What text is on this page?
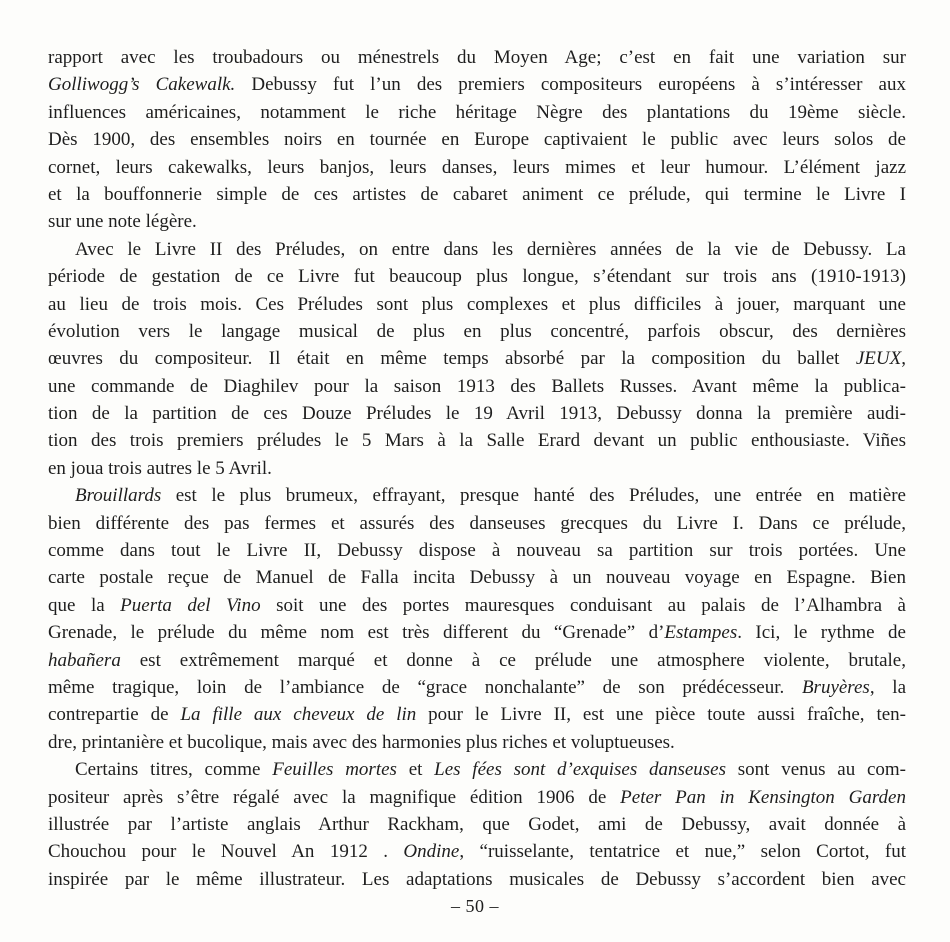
rapport avec les troubadours ou ménestrels du Moyen Age; c’est en fait une variation sur
Golliwogg’s Cakewalk. Debussy fut l’un des premiers compositeurs européens à s’intéresser aux
influences américaines, notamment le riche héritage Nègre des plantations du 19ème siècle.
Dès 1900, des ensembles noirs en tournée en Europe captivaient le public avec leurs solos de
cornet, leurs cakewalks, leurs banjos, leurs danses, leurs mimes et leur humour. L’élément jazz
et la bouffonnerie simple de ces artistes de cabaret animent ce prélude, qui termine le Livre I
sur une note légère.
Avec le Livre II des Préludes, on entre dans les dernières années de la vie de Debussy. La
période de gestation de ce Livre fut beaucoup plus longue, s’étendant sur trois ans (1910-1913)
au lieu de trois mois. Ces Préludes sont plus complexes et plus difficiles à jouer, marquant une
évolution vers le langage musical de plus en plus concentré, parfois obscur, des dernières
œuvres du compositeur. Il était en même temps absorbé par la composition du ballet JEUX,
une commande de Diaghilev pour la saison 1913 des Ballets Russes. Avant même la publica-
tion de la partition de ces Douze Préludes le 19 Avril 1913, Debussy donna la première audi-
tion des trois premiers préludes le 5 Mars à la Salle Erard devant un public enthousiaste. Viñes
en joua trois autres le 5 Avril.
Brouillards est le plus brumeux, effrayant, presque hanté des Préludes, une entrée en matière
bien différente des pas fermes et assurés des danseuses grecques du Livre I. Dans ce prélude,
comme dans tout le Livre II, Debussy dispose à nouveau sa partition sur trois portées. Une
carte postale reçue de Manuel de Falla incita Debussy à un nouveau voyage en Espagne. Bien
que la Puerta del Vino soit une des portes mauresques conduisant au palais de l’Alhambra à
Grenade, le prélude du même nom est très different du “Grenade” d’Estampes. Ici, le rythme de
habañera est extrêmement marqué et donne à ce prélude une atmosphere violente, brutale,
même tragique, loin de l’ambiance de “grace nonchalante” de son prédécesseur. Bruyères, la
contrepartie de La fille aux cheveux de lin pour le Livre II, est une pièce toute aussi fraîche, ten-
dre, printanière et bucolique, mais avec des harmonies plus riches et voluptueuses.
Certains titres, comme Feuilles mortes et Les fées sont d’exquises danseuses sont venus au com-
positeur après s’être régalé avec la magnifique édition 1906 de Peter Pan in Kensington Garden
illustrée par l’artiste anglais Arthur Rackham, que Godet, ami de Debussy, avait donnée à
Chouchou pour le Nouvel An 1912 . Ondine, “ruisselante, tentatrice et nue,” selon Cortot, fut
inspirée par le même illustrateur. Les adaptations musicales de Debussy s’accordent bien avec
– 50 –
